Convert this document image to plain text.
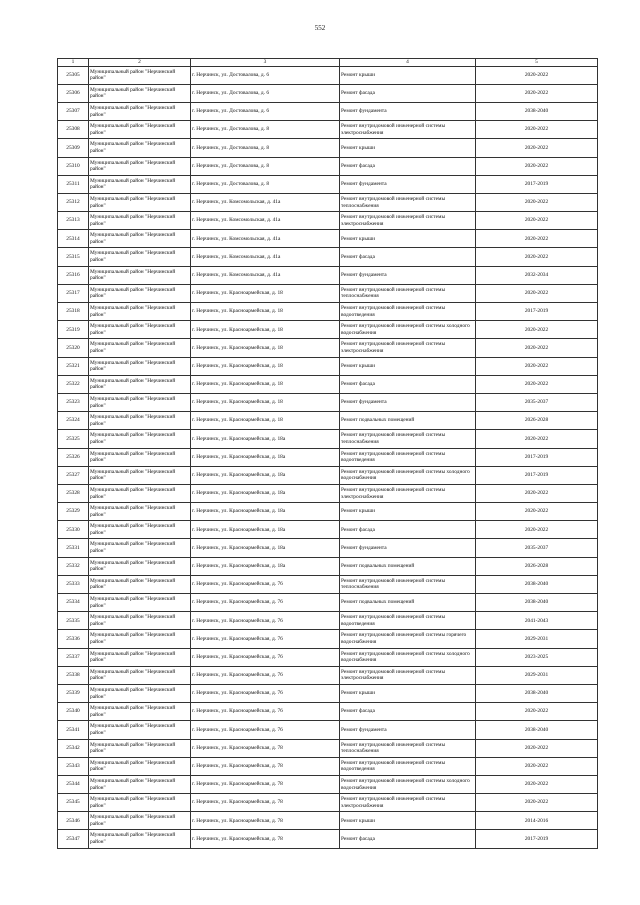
552
1	2	3	4	5
25305	Муниципальный район "Нерчинский район"	г. Нерчинск, ул. Достовалова, д. 6	Ремонт крыши	2020-2022
25306	Муниципальный район "Нерчинский район"	г. Нерчинск, ул. Достовалова, д. 6	Ремонт фасада	2020-2022
25307	Муниципальный район "Нерчинский район"	г. Нерчинск, ул. Достовалова, д. 6	Ремонт фундамента	2038-2040
25308	Муниципальный район "Нерчинский район"	г. Нерчинск, ул. Достовалова, д. 8	Ремонт внутридомовой инженерной системы электроснабжения	2020-2022
25309	Муниципальный район "Нерчинский район"	г. Нерчинск, ул. Достовалова, д. 8	Ремонт крыши	2020-2022
25310	Муниципальный район "Нерчинский район"	г. Нерчинск, ул. Достовалова, д. 8	Ремонт фасада	2020-2022
25311	Муниципальный район "Нерчинский район"	г. Нерчинск, ул. Достовалова, д. 8	Ремонт фундамента	2017-2019
25312	Муниципальный район "Нерчинский район"	г. Нерчинск, ул. Комсомольская, д. 41а	Ремонт внутридомовой инженерной системы теплоснабжения	2020-2022
25313	Муниципальный район "Нерчинский район"	г. Нерчинск, ул. Комсомольская, д. 41а	Ремонт внутридомовой инженерной системы электроснабжения	2020-2022
25314	Муниципальный район "Нерчинский район"	г. Нерчинск, ул. Комсомольская, д. 41а	Ремонт крыши	2020-2022
25315	Муниципальный район "Нерчинский район"	г. Нерчинск, ул. Комсомольская, д. 41а	Ремонт фасада	2020-2022
25316	Муниципальный район "Нерчинский район"	г. Нерчинск, ул. Комсомольская, д. 41а	Ремонт фундамента	2032-2034
25317	Муниципальный район "Нерчинский район"	г. Нерчинск, ул. Красноармейская, д. 18	Ремонт внутридомовой инженерной системы теплоснабжения	2020-2022
25318	Муниципальный район "Нерчинский район"	г. Нерчинск, ул. Красноармейская, д. 18	Ремонт внутридомовой инженерной системы водоотведения	2017-2019
25319	Муниципальный район "Нерчинский район"	г. Нерчинск, ул. Красноармейская, д. 18	Ремонт внутридомовой инженерной системы холодного водоснабжения	2020-2022
25320	Муниципальный район "Нерчинский район"	г. Нерчинск, ул. Красноармейская, д. 18	Ремонт внутридомовой инженерной системы электроснабжения	2020-2022
25321	Муниципальный район "Нерчинский район"	г. Нерчинск, ул. Красноармейская, д. 18	Ремонт крыши	2020-2022
25322	Муниципальный район "Нерчинский район"	г. Нерчинск, ул. Красноармейская, д. 18	Ремонт фасада	2020-2022
25323	Муниципальный район "Нерчинский район"	г. Нерчинск, ул. Красноармейская, д. 18	Ремонт фундамента	2035-2037
25324	Муниципальный район "Нерчинский район"	г. Нерчинск, ул. Красноармейская, д. 18	Ремонт подвальных помещений	2026-2028
25325	Муниципальный район "Нерчинский район"	г. Нерчинск, ул. Красноармейская, д. 18а	Ремонт внутридомовой инженерной системы теплоснабжения	2020-2022
25326	Муниципальный район "Нерчинский район"	г. Нерчинск, ул. Красноармейская, д. 18а	Ремонт внутридомовой инженерной системы водоотведения	2017-2019
25327	Муниципальный район "Нерчинский район"	г. Нерчинск, ул. Красноармейская, д. 18а	Ремонт внутридомовой инженерной системы холодного водоснабжения	2017-2019
25328	Муниципальный район "Нерчинский район"	г. Нерчинск, ул. Красноармейская, д. 18а	Ремонт внутридомовой инженерной системы электроснабжения	2020-2022
25329	Муниципальный район "Нерчинский район"	г. Нерчинск, ул. Красноармейская, д. 18а	Ремонт крыши	2020-2022
25330	Муниципальный район "Нерчинский район"	г. Нерчинск, ул. Красноармейская, д. 18а	Ремонт фасада	2020-2022
25331	Муниципальный район "Нерчинский район"	г. Нерчинск, ул. Красноармейская, д. 18а	Ремонт фундамента	2035-2037
25332	Муниципальный район "Нерчинский район"	г. Нерчинск, ул. Красноармейская, д. 18а	Ремонт подвальных помещений	2026-2028
25333	Муниципальный район "Нерчинский район"	г. Нерчинск, ул. Красноармейская, д. 76	Ремонт внутридомовой инженерной системы теплоснабжения	2038-2040
25334	Муниципальный район "Нерчинский район"	г. Нерчинск, ул. Красноармейская, д. 76	Ремонт подвальных помещений	2038-2040
25335	Муниципальный район "Нерчинский район"	г. Нерчинск, ул. Красноармейская, д. 76	Ремонт внутридомовой инженерной системы водоотведения	2041-2043
25336	Муниципальный район "Нерчинский район"	г. Нерчинск, ул. Красноармейская, д. 76	Ремонт внутридомовой инженерной системы горячего водоснабжения	2029-2031
25337	Муниципальный район "Нерчинский район"	г. Нерчинск, ул. Красноармейская, д. 76	Ремонт внутридомовой инженерной системы холодного водоснабжения	2023-2025
25338	Муниципальный район "Нерчинский район"	г. Нерчинск, ул. Красноармейская, д. 76	Ремонт внутридомовой инженерной системы электроснабжения	2029-2031
25339	Муниципальный район "Нерчинский район"	г. Нерчинск, ул. Красноармейская, д. 76	Ремонт крыши	2038-2040
25340	Муниципальный район "Нерчинский район"	г. Нерчинск, ул. Красноармейская, д. 76	Ремонт фасада	2020-2022
25341	Муниципальный район "Нерчинский район"	г. Нерчинск, ул. Красноармейская, д. 76	Ремонт фундамента	2038-2040
25342	Муниципальный район "Нерчинский район"	г. Нерчинск, ул. Красноармейская, д. 78	Ремонт внутридомовой инженерной системы теплоснабжения	2020-2022
25343	Муниципальный район "Нерчинский район"	г. Нерчинск, ул. Красноармейская, д. 78	Ремонт внутридомовой инженерной системы водоотведения	2020-2022
25344	Муниципальный район "Нерчинский район"	г. Нерчинск, ул. Красноармейская, д. 78	Ремонт внутридомовой инженерной системы холодного водоснабжения	2020-2022
25345	Муниципальный район "Нерчинский район"	г. Нерчинск, ул. Красноармейская, д. 78	Ремонт внутридомовой инженерной системы электроснабжения	2020-2022
25346	Муниципальный район "Нерчинский район"	г. Нерчинск, ул. Красноармейская, д. 78	Ремонт крыши	2014-2016
25347	Муниципальный район "Нерчинский район"	г. Нерчинск, ул. Красноармейская, д. 78	Ремонт фасада	2017-2019
